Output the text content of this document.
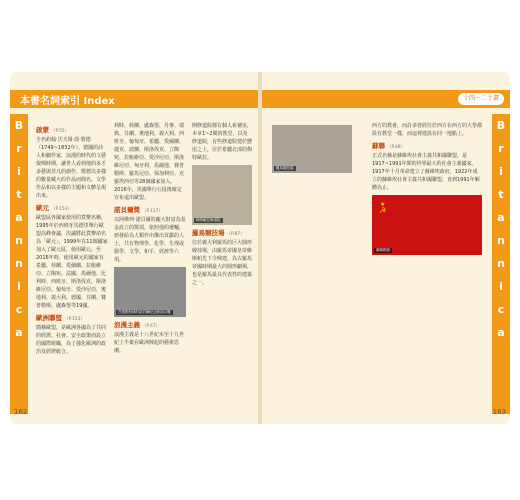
本書名詞索引 Index
B
r
i
t
a
n
n
i
c
a
啟蒙 （P.55）
全名約翰‧沃夫岡‧馮‧歌德（1749~1832年），德國的詩人和劇作家，浪漫的時代的文藝復興時期，讓世人看到他的多才多藝與非凡的創作。歌德以多樣的數量藏大的作品而聞名，文學作品和以多樣的主題和文體呈現出來。
歐元 （P.153）
歐盟區各國家使用的貨幣名稱，1995年於西班牙馬德里舉行歐盟高峰會議，決議將此貨幣命名為「歐元」。1999年在11個國家加入了歐元區，使用歐元。至2016年時，使用歐元的國家有希臘、荷蘭、愛爾蘭、拉脫維亞、立陶宛、法國、馬爾他、比利時、西班牙、斯洛伐克、斯洛維尼亞、葡萄牙、愛沙尼亞、奧地利、義大利、德國、芬蘭、賽普勒斯、盧森堡等19國。
歐洲聯盟 （P.153）
簡稱歐盟，是歐洲各國為了共同的經濟、社會、安全政策而設立的國際組織，為了強化歐洲的政治及經濟統合。
利時、荷蘭、盧森堡、丹麥、瑞典、芬蘭、奧地利、義大利、西班牙、葡萄牙、希臘、愛爾蘭、捷克、波蘭、斯洛伐克、立陶宛、拉脫維亞、愛沙尼亞、斯洛維尼亞、匈牙利、馬爾他、賽普勒斯、羅馬尼亞、保加利亞、克羅埃西亞等28個國家加入。2016年，英國舉行公投後確定宣布退出歐盟。
諾貝爾獎 （P.117）
以阿佛列‧諾貝爾的龐大財富為基金設立的獎項，依照他的遺囑，頒發給為人類作出傑出貢獻的人士，共有物理學、化學、生理或醫學、文學、和平、經濟學六項。
在德國柏林的諾貝爾紀念館前浮雕
浪漫主義 （P.47）
浪漫主義是十八世紀末至十九世紀上半葉在歐洲興起的藝術思潮。
開修道院都有個人祈禱室，本章1~2間的教堂，以及修道院，有些修道院建於懸崖之上，位於希臘北部的梅特歐拉。
梅特歐拉修道院
羅馬競技場 （P.87）
位於義大利羅馬的巨大圓形競技場，由羅馬帝國皇帝維斯帕先下令興建，為古羅馬帝國時期最大的圓形劇場，也是羅馬最具代表性的建築之一。
162
十四～二十畫
B
r
i
t
a
n
n
i
c
a
羅馬競技場
西方的教會，而許多曾經位於西方在西方的大學都設有教堂一樣，而這裡建設在同一地點上。
蘇聯 （P.48）
正式名稱是蘇維埃社會主義共和國聯盟，是1917~1991年間的世界最大的社會主義國家。1917年十月革命建立了蘇維埃政府，1922年成立的蘇維埃社會主義共和國聯盟，直到1991年解體為止。
★
☭
蘇聯國旗
163
